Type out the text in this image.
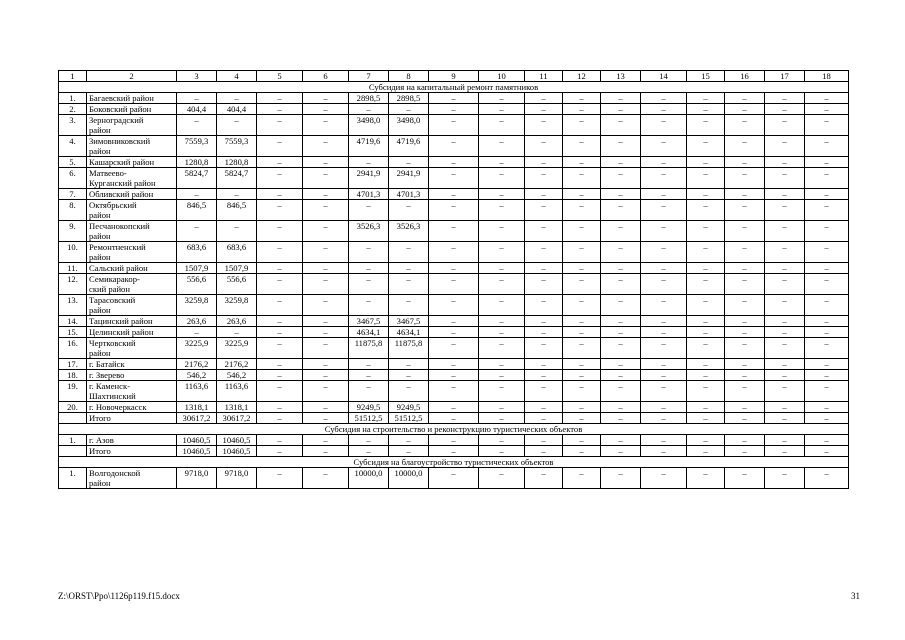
1	2	3	4	5	6	7	8	9	10	11	12	13	14	15	16	17	18
Субсидия на капитальный ремонт памятников																	
1.	Багаевский район	–	–	–	–	2898,5	2898,5	–	–	–	–	–	–	–	–	–	–
2.	Боковский район	404,4	404,4	–	–	–	–	–	–	–	–	–	–	–	–	–	–
3.	Зерноградский
район	–	–	–	–	3498,0	3498,0	–	–	–	–	–	–	–	–	–	–
4.	Зимовниковский
район	7559,3	7559,3	–	–	4719,6	4719,6	–	–	–	–	–	–	–	–	–	–
5.	Кашарский район	1280,8	1280,8	–	–	–	–	–	–	–	–	–	–	–	–	–	–
6.	Матвеево-
Курганский район	5824,7	5824,7	–	–	2941,9	2941,9	–	–	–	–	–	–	–	–	–	–
7.	Обливский район	–	–	–	–	4701,3	4701,3	–	–	–	–	–	–	–	–	–	–
8.	Октябрьский
район	846,5	846,5	–	–	–	–	–	–	–	–	–	–	–	–	–	–
9.	Песчанокопский
район	–	–	–	–	3526,3	3526,3	–	–	–	–	–	–	–	–	–	–
10.	Ремонтненский
район	683,6	683,6	–	–	–	–	–	–	–	–	–	–	–	–	–	–
11.	Сальский район	1507,9	1507,9	–	–	–	–	–	–	–	–	–	–	–	–	–	–
12.	Семикаракор-
ский район	556,6	556,6	–	–	–	–	–	–	–	–	–	–	–	–	–	–
13.	Тарасовский
район	3259,8	3259,8	–	–	–	–	–	–	–	–	–	–	–	–	–	–
14.	Тацинский район	263,6	263,6	–	–	3467,5	3467,5	–	–	–	–	–	–	–	–	–	–
15.	Целинский район	–	–	–	–	4634,1	4634,1	–	–	–	–	–	–	–	–	–	–
16.	Чертковский
район	3225,9	3225,9	–	–	11875,8	11875,8	–	–	–	–	–	–	–	–	–	–
17.	г. Батайск	2176,2	2176,2	–	–	–	–	–	–	–	–	–	–	–	–	–	–
18.	г. Зверево	546,2	546,2	–	–	–	–	–	–	–	–	–	–	–	–	–	–
19.	г. Каменск-
Шахтинский	1163,6	1163,6	–	–	–	–	–	–	–	–	–	–	–	–	–	–
20.	г. Новочеркасск	1318,1	1318,1	–	–	9249,5	9249,5	–	–	–	–	–	–	–	–	–	–

	Итого	30617,2	30617,2	–	–	51512,5	51512,5	–	–	–	–	–	–	–	–	–	–
Субсидия на строительство и реконструкцию туристических объектов																	
1.	г. Азов	10460,5	10460,5	–	–	–	–	–	–	–	–	–	–	–	–	–	–

	Итого	10460,5	10460,5	–	–	–	–	–	–	–	–	–	–	–	–	–	–
Субсидия на благоустройство туристических объектов																	
1.	Волгодонской
район	9718,0	9718,0	–	–	10000,0	10000,0	–	–	–	–	–	–	–	–	–	–
Z:\ORST\Ppo\1126p119.f15.docx	31
